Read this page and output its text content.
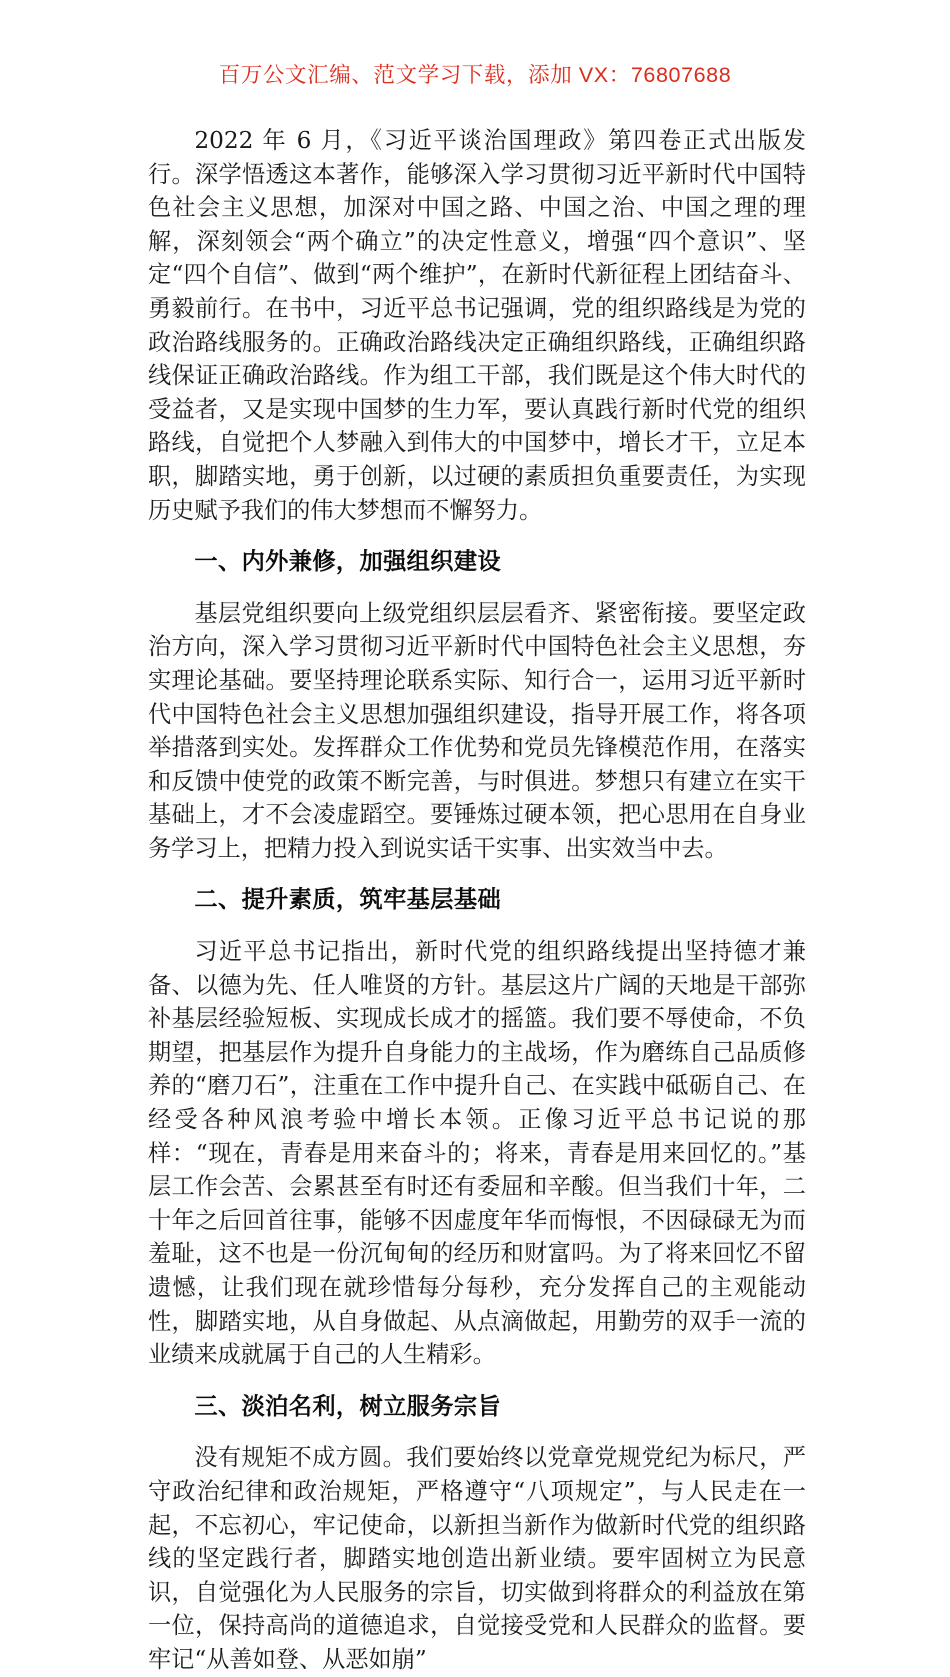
百万公文汇编、范文学习下载，添加 VX：76807688

2022 年 6 月，《习近平谈治国理政》第四卷正式出版发行。深学悟透这本著作，能够深入学习贯彻习近平新时代中国特色社会主义思想，加深对中国之路、中国之治、中国之理的理解，深刻领会“两个确立”的决定性意义，增强“四个意识”、坚定“四个自信”、做到“两个维护”，在新时代新征程上团结奋斗、勇毅前行。在书中，习近平总书记强调，党的组织路线是为党的政治路线服务的。正确政治路线决定正确组织路线，正确组织路线保证正确政治路线。作为组工干部，我们既是这个伟大时代的受益者，又是实现中国梦的生力军，要认真践行新时代党的组织路线，自觉把个人梦融入到伟大的中国梦中，增长才干，立足本职，脚踏实地，勇于创新，以过硬的素质担负重要责任，为实现历史赋予我们的伟大梦想而不懈努力。

一、内外兼修，加强组织建设

基层党组织要向上级党组织层层看齐、紧密衔接。要坚定政治方向，深入学习贯彻习近平新时代中国特色社会主义思想，夯实理论基础。要坚持理论联系实际、知行合一，运用习近平新时代中国特色社会主义思想加强组织建设，指导开展工作，将各项举措落到实处。发挥群众工作优势和党员先锋模范作用，在落实和反馈中使党的政策不断完善，与时俱进。梦想只有建立在实干基础上，才不会凌虚蹈空。要锤炼过硬本领，把心思用在自身业务学习上，把精力投入到说实话干实事、出实效当中去。

二、提升素质，筑牢基层基础

习近平总书记指出，新时代党的组织路线提出坚持德才兼备、以德为先、任人唯贤的方针。基层这片广阔的天地是干部弥补基层经验短板、实现成长成才的摇篮。我们要不辱使命，不负期望，把基层作为提升自身能力的主战场，作为磨练自己品质修养的“磨刀石”，注重在工作中提升自己、在实践中砥砺自己、在经受各种风浪考验中增长本领。正像习近平总书记说的那样：“现在，青春是用来奋斗的；将来，青春是用来回忆的。”基层工作会苦、会累甚至有时还有委屈和辛酸。但当我们十年，二十年之后回首往事，能够不因虚度年华而悔恨，不因碌碌无为而羞耻，这不也是一份沉甸甸的经历和财富吗。为了将来回忆不留遗憾，让我们现在就珍惜每分每秒，充分发挥自己的主观能动性，脚踏实地，从自身做起、从点滴做起，用勤劳的双手一流的业绩来成就属于自己的人生精彩。

三、淡泊名利，树立服务宗旨

没有规矩不成方圆。我们要始终以党章党规党纪为标尺，严守政治纪律和政治规矩，严格遵守“八项规定”，与人民走在一起，不忘初心，牢记使命，以新担当新作为做新时代党的组织路线的坚定践行者，脚踏实地创造出新业绩。要牢固树立为民意识，自觉强化为人民服务的宗旨，切实做到将群众的利益放在第一位，保持高尚的道德追求，自觉接受党和人民群众的监督。要牢记“从善如登、从恶如崩”
